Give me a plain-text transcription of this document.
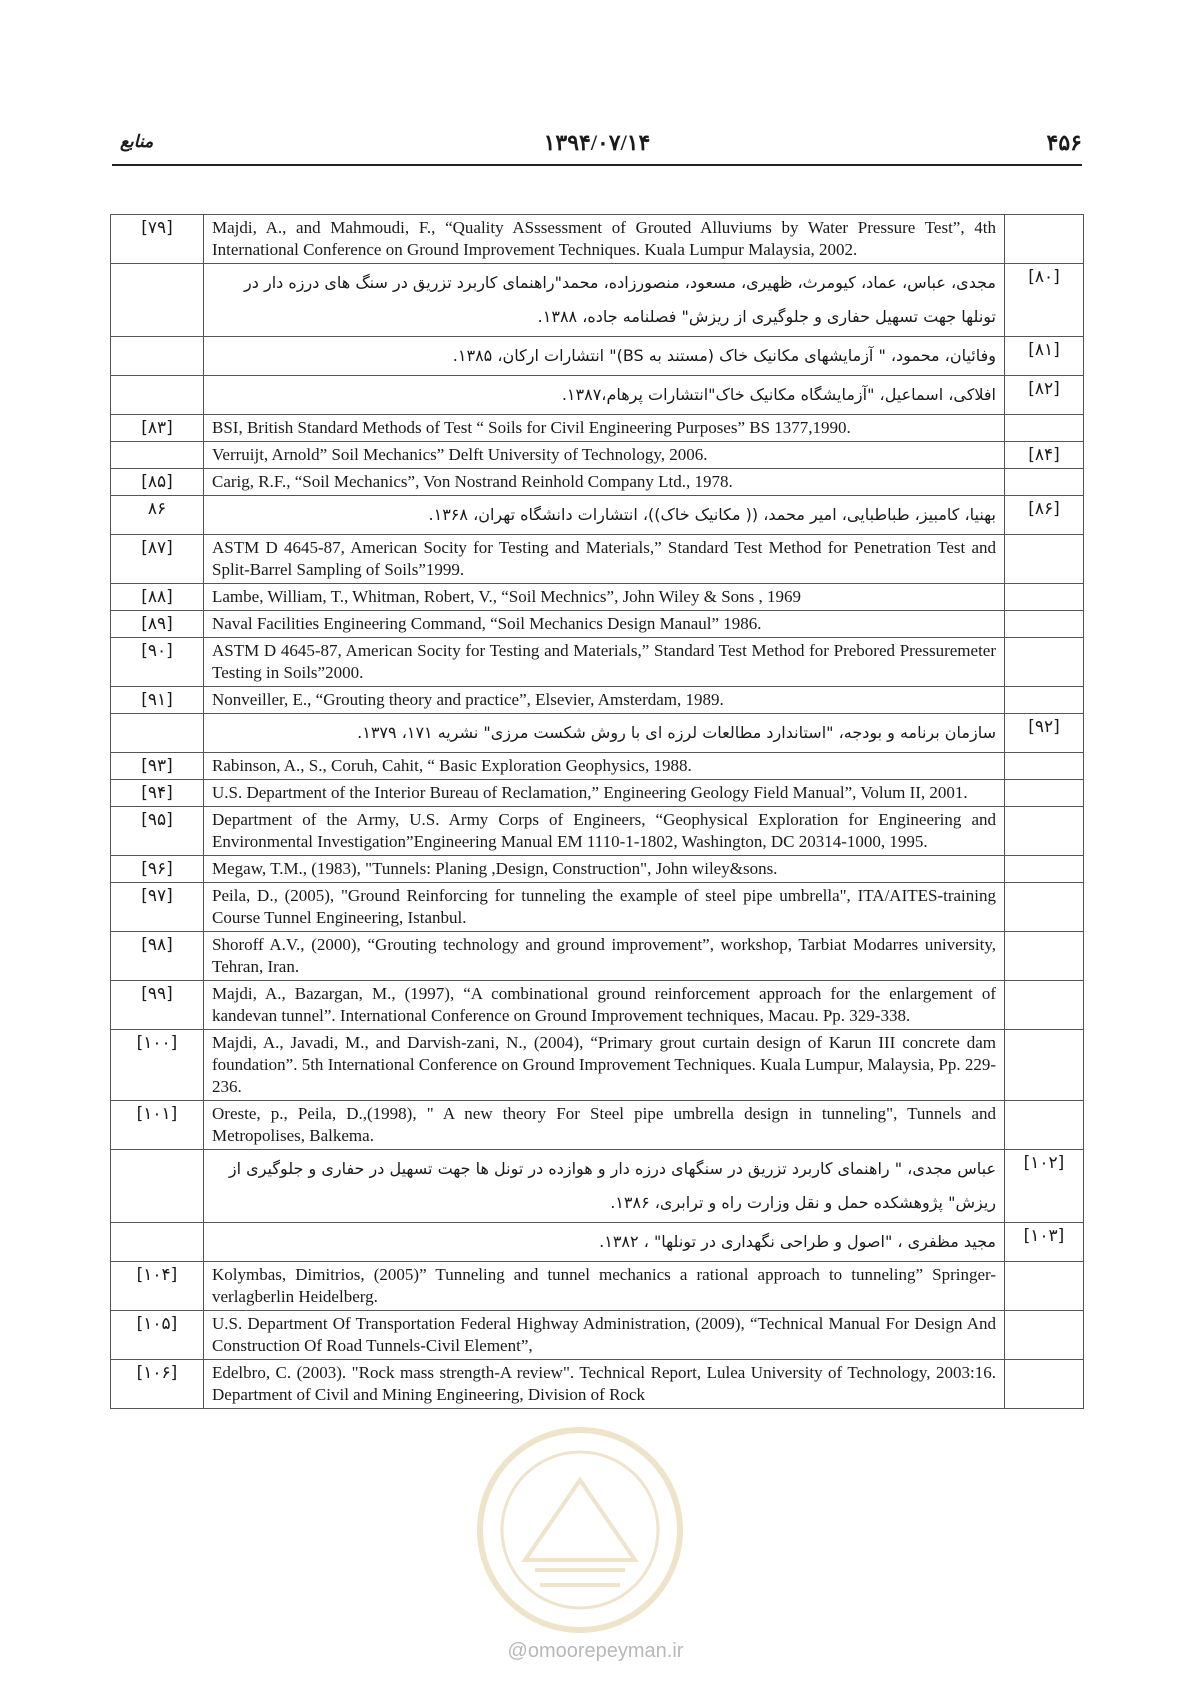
۴۵۶
۱۳۹۴/۰۷/۱۴
منابع
[۷۹]	Majdi, A., and Mahmoudi, F., “Quality ASssessment of Grouted Alluviums by Water Pressure Test”, 4th International Conference on Ground Improvement Techniques. Kuala Lumpur Malaysia, 2002.	
	مجدی، عباس، عماد، کیومرث، ظهیری، مسعود، منصورزاده، محمد"راهنمای کاربرد تزریق در سنگ های درزه دار در تونلها جهت تسهیل حفاری و جلوگیری از ریزش" فصلنامه جاده، ۱۳۸۸.	[۸۰]
	وفائیان، محمود، " آزمایشهای مکانیک خاک (مستند به BS)" انتشارات ارکان، ۱۳۸۵.	[۸۱]
	افلاکی، اسماعیل، "آزمایشگاه مکانیک خاک"انتشارات پرهام،۱۳۸۷.	[۸۲]
[۸۳]	BSI, British Standard Methods of Test “ Soils for Civil Engineering Purposes” BS 1377,1990.	
	Verruijt, Arnold” Soil Mechanics” Delft University of Technology, 2006.	[۸۴]
[۸۵]	Carig, R.F., “Soil Mechanics”, Von Nostrand Reinhold Company Ltd., 1978.	
۸۶	بهنیا، کامبیز، طباطبایی، امیر محمد، (( مکانیک خاک))، انتشارات دانشگاه تهران، ۱۳۶۸.	[۸۶]
[۸۷]	ASTM D 4645-87, American Socity for Testing and Materials,” Standard Test Method for Penetration Test and Split-Barrel Sampling of Soils”1999.	
[۸۸]	Lambe, William, T., Whitman, Robert, V., “Soil Mechnics”, John Wiley & Sons , 1969	
[۸۹]	Naval Facilities Engineering Command, “Soil Mechanics Design Manaul” 1986.	
[۹۰]	ASTM D 4645-87, American Socity for Testing and Materials,” Standard Test Method for Prebored Pressuremeter Testing in Soils”2000.	
[۹۱]	Nonveiller, E., “Grouting theory and practice”, Elsevier, Amsterdam, 1989.	
	سازمان برنامه و بودجه، "استاندارد مطالعات لرزه ای با روش شکست مرزی" نشریه ۱۷۱، ۱۳۷۹.	[۹۲]
[۹۳]	Rabinson, A., S., Coruh, Cahit, “ Basic Exploration Geophysics, 1988.	
[۹۴]	U.S. Department of the Interior Bureau of Reclamation,” Engineering Geology Field Manual”, Volum II, 2001.	
[۹۵]	Department of the Army, U.S. Army Corps of Engineers, “Geophysical Exploration for Engineering and Environmental Investigation”Engineering Manual EM 1110-1-1802, Washington, DC 20314-1000, 1995.	
[۹۶]	Megaw, T.M., (1983), "Tunnels: Planing ,Design, Construction", John wiley&sons.	
[۹۷]	Peila, D., (2005), "Ground Reinforcing for tunneling the example of steel pipe umbrella", ITA/AITES-training Course Tunnel Engineering, Istanbul.	
[۹۸]	Shoroff A.V., (2000), “Grouting technology and ground improvement”, workshop, Tarbiat Modarres university, Tehran, Iran.	
[۹۹]	Majdi, A., Bazargan, M., (1997), “A combinational ground reinforcement approach for the enlargement of kandevan tunnel”. International Conference on Ground Improvement techniques, Macau. Pp. 329-338.	
[۱۰۰]	Majdi, A., Javadi, M., and Darvish-zani, N., (2004), “Primary grout curtain design of Karun III concrete dam foundation”. 5th International Conference on Ground Improvement Techniques. Kuala Lumpur, Malaysia, Pp. 229-236.	
[۱۰۱]	Oreste, p., Peila, D.,(1998), " A new theory For Steel pipe umbrella design in tunneling", Tunnels and Metropolises, Balkema.	
	عباس مجدی، " راهنمای کاربرد تزریق در سنگهای درزه دار و هوازده در تونل ها جهت تسهیل در حفاری و جلوگیری از ریزش" پژوهشکده حمل و نقل وزارت راه و ترابری، ۱۳۸۶.	[۱۰۲]
	مجید مظفری ، "اصول و طراحی نگهداری در تونلها" ، ۱۳۸۲.	[۱۰۳]
[۱۰۴]	Kolymbas, Dimitrios, (2005)” Tunneling and tunnel mechanics a rational approach to tunneling” Springer-verlagberlin Heidelberg.	
[۱۰۵]	U.S. Department Of Transportation Federal Highway Administration, (2009), “Technical Manual For Design And Construction Of Road Tunnels-Civil Element”,	
[۱۰۶]	Edelbro, C. (2003). "Rock mass strength-A review". Technical Report, Lulea University of Technology, 2003:16. Department of Civil and Mining Engineering, Division of Rock	
@omoorepeyman.ir
